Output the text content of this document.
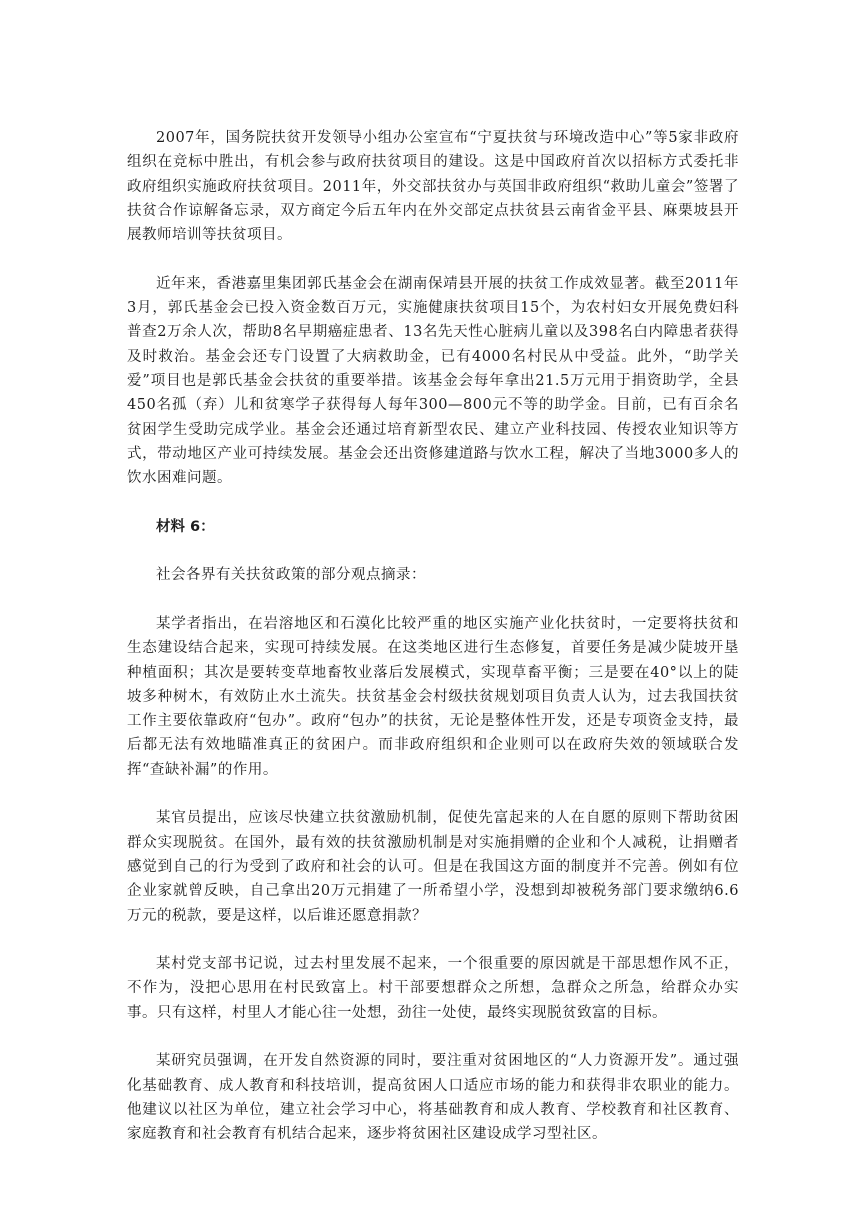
2007年，国务院扶贫开发领导小组办公室宣布“宁夏扶贫与环境改造中心”等5家非政府组织在竞标中胜出，有机会参与政府扶贫项目的建设。这是中国政府首次以招标方式委托非政府组织实施政府扶贫项目。2011年，外交部扶贫办与英国非政府组织“救助儿童会”签署了扶贫合作谅解备忘录，双方商定今后五年内在外交部定点扶贫县云南省金平县、麻栗坡县开展教师培训等扶贫项目。

近年来，香港嘉里集团郭氏基金会在湖南保靖县开展的扶贫工作成效显著。截至2011年3月，郭氏基金会已投入资金数百万元，实施健康扶贫项目15个，为农村妇女开展免费妇科普查2万余人次，帮助8名早期癌症患者、13名先天性心脏病儿童以及398名白内障患者获得及时救治。基金会还专门设置了大病救助金，已有4000名村民从中受益。此外，“助学关爱”项目也是郭氏基金会扶贫的重要举措。该基金会每年拿出21.5万元用于捐资助学，全县450名孤（弃）儿和贫寒学子获得每人每年300—800元不等的助学金。目前，已有百余名贫困学生受助完成学业。基金会还通过培育新型农民、建立产业科技园、传授农业知识等方式，带动地区产业可持续发展。基金会还出资修建道路与饮水工程，解决了当地3000多人的饮水困难问题。

材料 6：

社会各界有关扶贫政策的部分观点摘录：

某学者指出，在岩溶地区和石漠化比较严重的地区实施产业化扶贫时，一定要将扶贫和生态建设结合起来，实现可持续发展。在这类地区进行生态修复，首要任务是减少陡坡开垦种植面积；其次是要转变草地畜牧业落后发展模式，实现草畜平衡；三是要在40°以上的陡坡多种树木，有效防止水土流失。扶贫基金会村级扶贫规划项目负责人认为，过去我国扶贫工作主要依靠政府“包办”。政府“包办”的扶贫，无论是整体性开发，还是专项资金支持，最后都无法有效地瞄准真正的贫困户。而非政府组织和企业则可以在政府失效的领域联合发挥“查缺补漏”的作用。

某官员提出，应该尽快建立扶贫激励机制，促使先富起来的人在自愿的原则下帮助贫困群众实现脱贫。在国外，最有效的扶贫激励机制是对实施捐赠的企业和个人减税，让捐赠者感觉到自己的行为受到了政府和社会的认可。但是在我国这方面的制度并不完善。例如有位企业家就曾反映，自己拿出20万元捐建了一所希望小学，没想到却被税务部门要求缴纳6.6万元的税款，要是这样，以后谁还愿意捐款？

某村党支部书记说，过去村里发展不起来，一个很重要的原因就是干部思想作风不正，不作为，没把心思用在村民致富上。村干部要想群众之所想，急群众之所急，给群众办实事。只有这样，村里人才能心往一处想，劲往一处使，最终实现脱贫致富的目标。

某研究员强调，在开发自然资源的同时，要注重对贫困地区的“人力资源开发”。通过强化基础教育、成人教育和科技培训，提高贫困人口适应市场的能力和获得非农职业的能力。他建议以社区为单位，建立社会学习中心，将基础教育和成人教育、学校教育和社区教育、家庭教育和社会教育有机结合起来，逐步将贫困社区建设成学习型社区。
